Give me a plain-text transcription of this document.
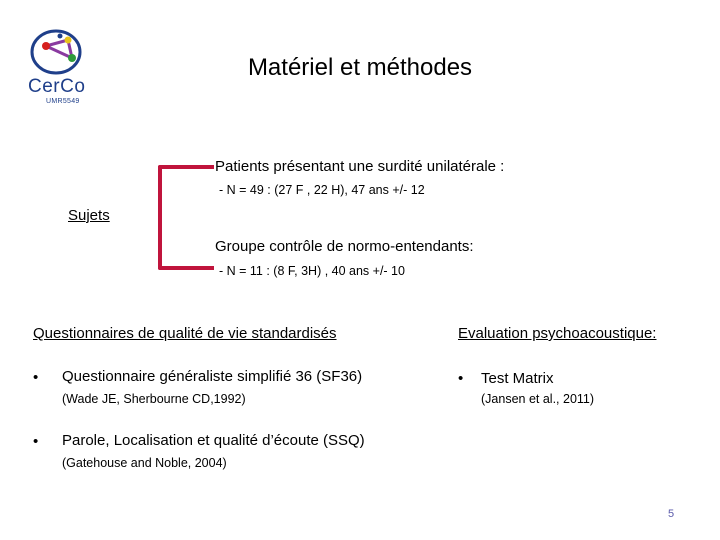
CerCo
UMR5549
Matériel et méthodes
Sujets
Patients présentant une surdité unilatérale :
- N = 49 : (27 F , 22 H), 47 ans +/- 12
Groupe contrôle de normo-entendants:
- N = 11 : (8 F, 3H) , 40 ans +/- 10
Questionnaires de qualité de vie standardisés
• Questionnaire généraliste simplifié 36 (SF36)
(Wade JE, Sherbourne CD,1992)
• Parole, Localisation et qualité d’écoute (SSQ)
(Gatehouse and Noble, 2004)
Evaluation psychoacoustique:
• Test Matrix
(Jansen et al., 2011)
5
